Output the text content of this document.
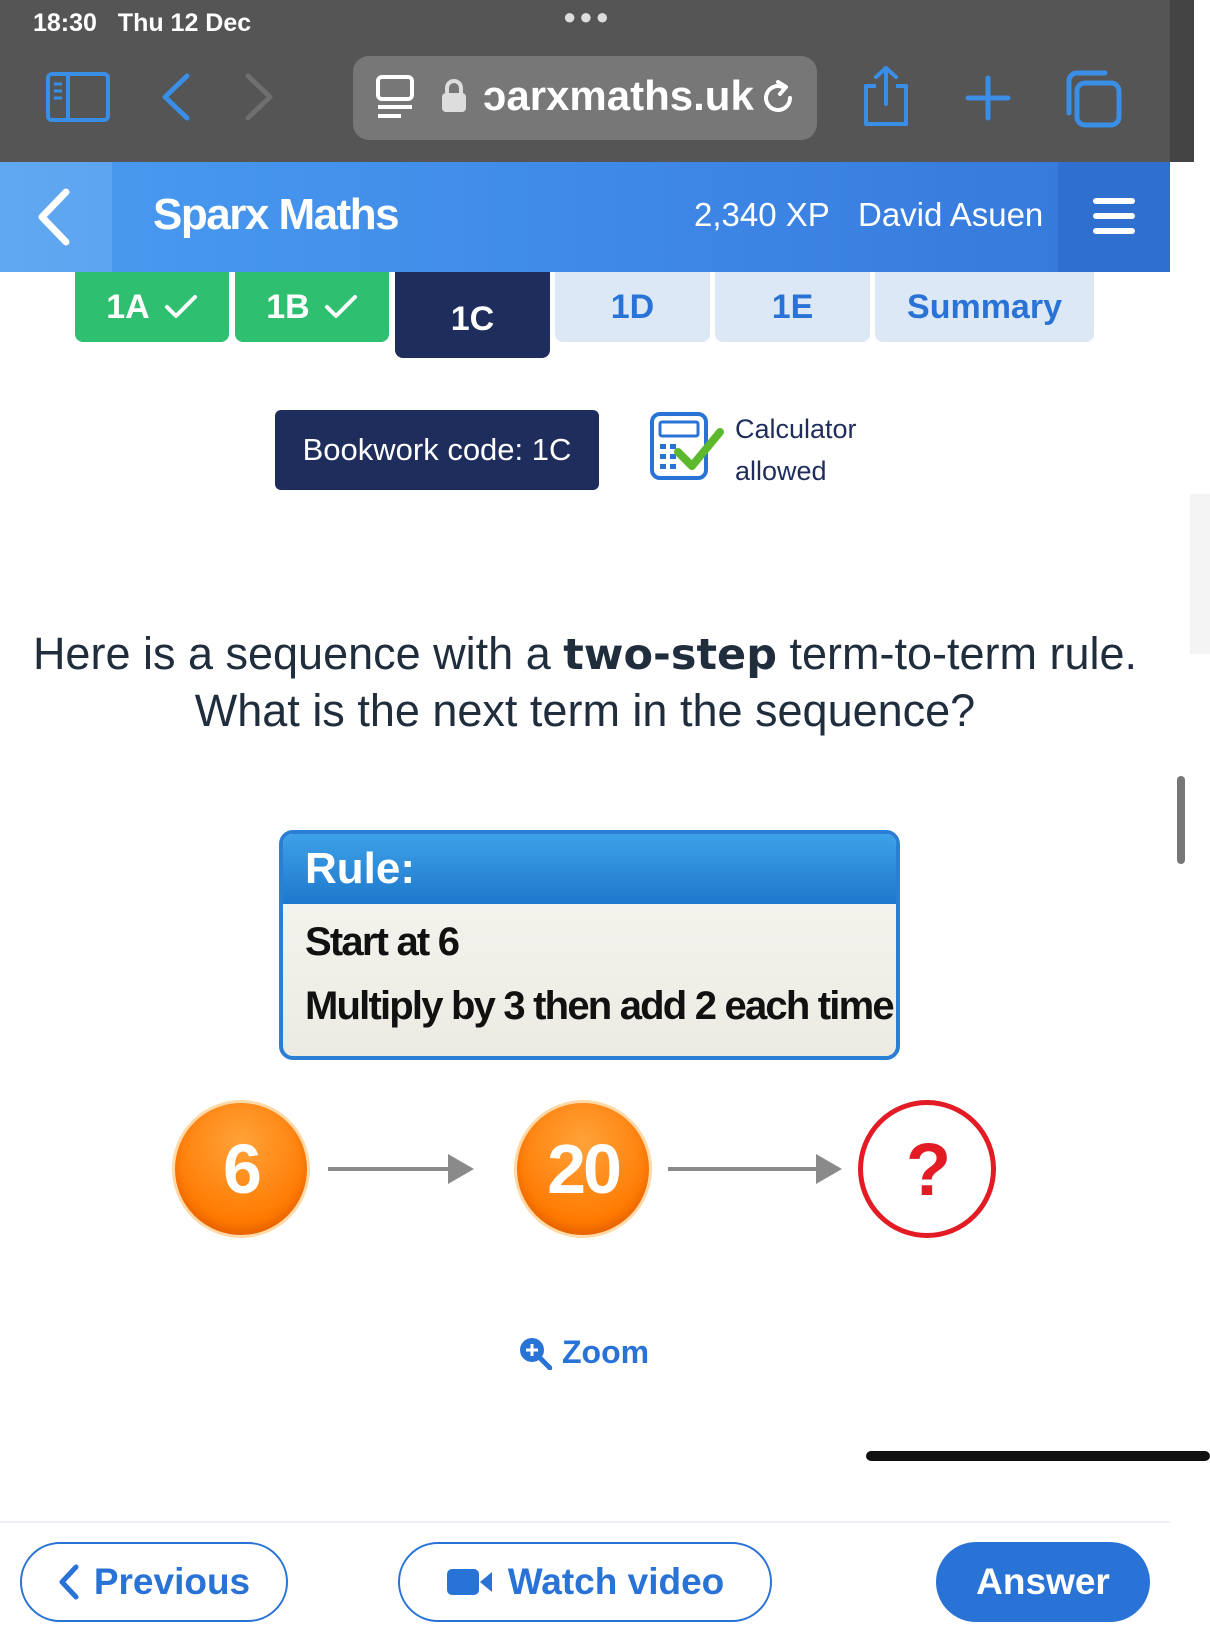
18:30 Thu 12 Dec	●●●
ɔarxmaths.uk
Sparx Maths	2,340 XP David Asuen
1A	1B	1C	1D	1E	Summary
Bookwork code: 1C
Calculator
allowed
Here is a sequence with a two-step term-to-term rule. What is the next term in the sequence?
Rule:
Start at 6
Multiply by 3 then add 2 each time
6	20	?
Zoom
Previous	Watch video	Answer
